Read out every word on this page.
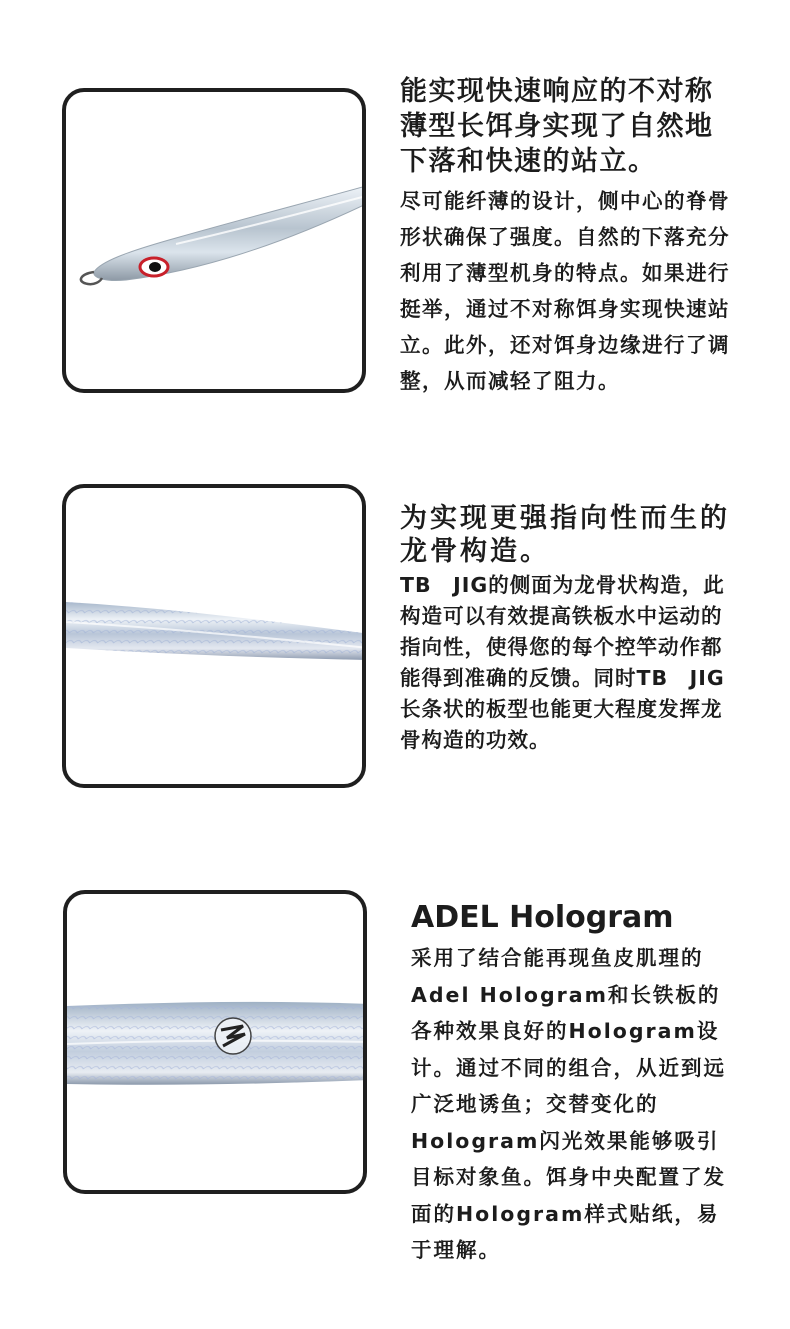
能实现快速响应的不对称薄型长饵身实现了自然地下落和快速的站立。

尽可能纤薄的设计，侧中心的脊骨形状确保了强度。自然的下落充分利用了薄型机身的特点。如果进行挺举，通过不对称饵身实现快速站立。此外，还对饵身边缘进行了调整，从而减轻了阻力。

为实现更强指向性而生的龙骨构造。

TB　JIG的侧面为龙骨状构造，此构造可以有效提高铁板水中运动的指向性，使得您的每个控竿动作都能得到准确的反馈。同时TB　JIG长条状的板型也能更大程度发挥龙骨构造的功效。

ADEL Hologram

采用了结合能再现鱼皮肌理的Adel Hologram和长铁板的各种效果良好的Hologram设计。通过不同的组合，从近到远广泛地诱鱼；交替变化的Hologram闪光效果能够吸引目标对象鱼。饵身中央配置了发面的Hologram样式贴纸，易于理解。
